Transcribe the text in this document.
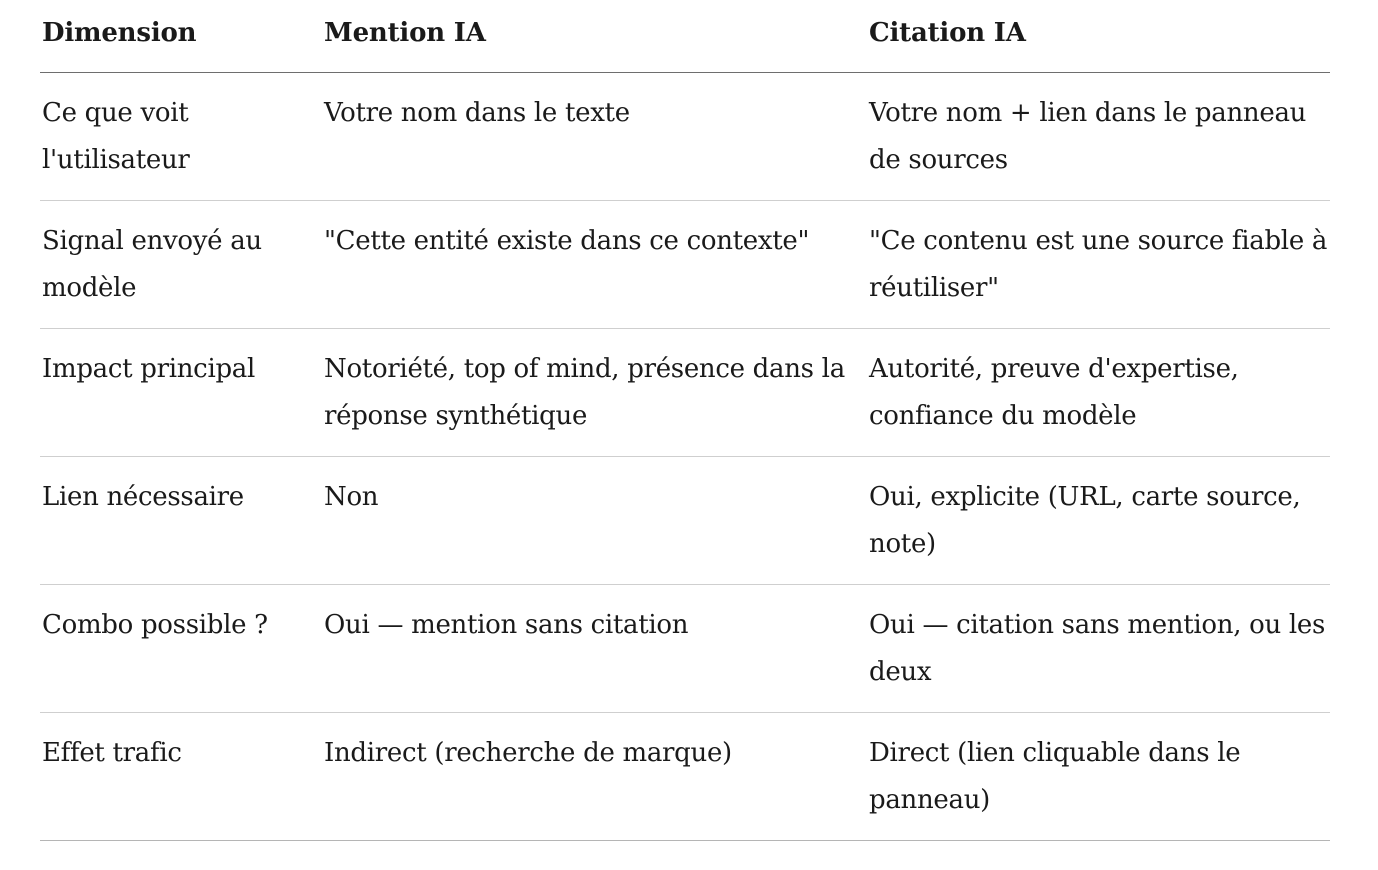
Dimension	Mention IA	Citation IA
Ce que voit l'utilisateur	Votre nom dans le texte	Votre nom + lien dans le panneau de sources
Signal envoyé au modèle	"Cette entité existe dans ce contexte"	"Ce contenu est une source fiable à réutiliser"
Impact principal	Notoriété, top of mind, présence dans la réponse synthétique	Autorité, preuve d'expertise, confiance du modèle
Lien nécessaire	Non	Oui, explicite (URL, carte source, note)
Combo possible ?	Oui — mention sans citation	Oui — citation sans mention, ou les deux
Effet trafic	Indirect (recherche de marque)	Direct (lien cliquable dans le panneau)
